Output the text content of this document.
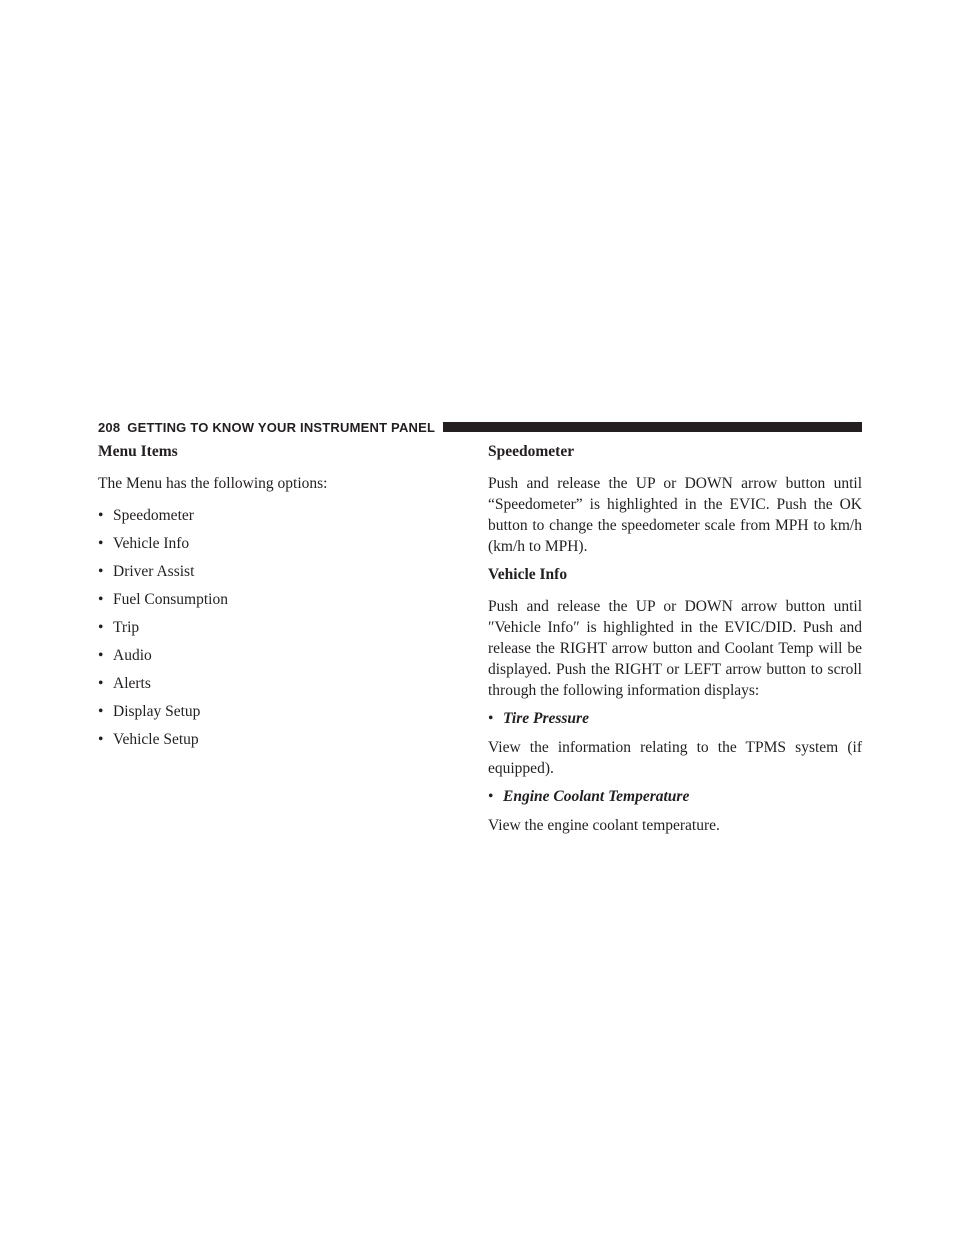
208 GETTING TO KNOW YOUR INSTRUMENT PANEL
Menu Items

The Menu has the following options:

• Speedometer
• Vehicle Info
• Driver Assist
• Fuel Consumption
• Trip
• Audio
• Alerts
• Display Setup
• Vehicle Setup
Speedometer

Push and release the UP or DOWN arrow button until “Speedometer” is highlighted in the EVIC. Push the OK button to change the speedometer scale from MPH to km/h (km/h to MPH).

Vehicle Info

Push and release the UP or DOWN arrow button until ″Vehicle Info″ is highlighted in the EVIC/DID. Push and release the RIGHT arrow button and Coolant Temp will be displayed. Push the RIGHT or LEFT arrow button to scroll through the following information displays:

• Tire Pressure

View the information relating to the TPMS system (if equipped).

• Engine Coolant Temperature

View the engine coolant temperature.
